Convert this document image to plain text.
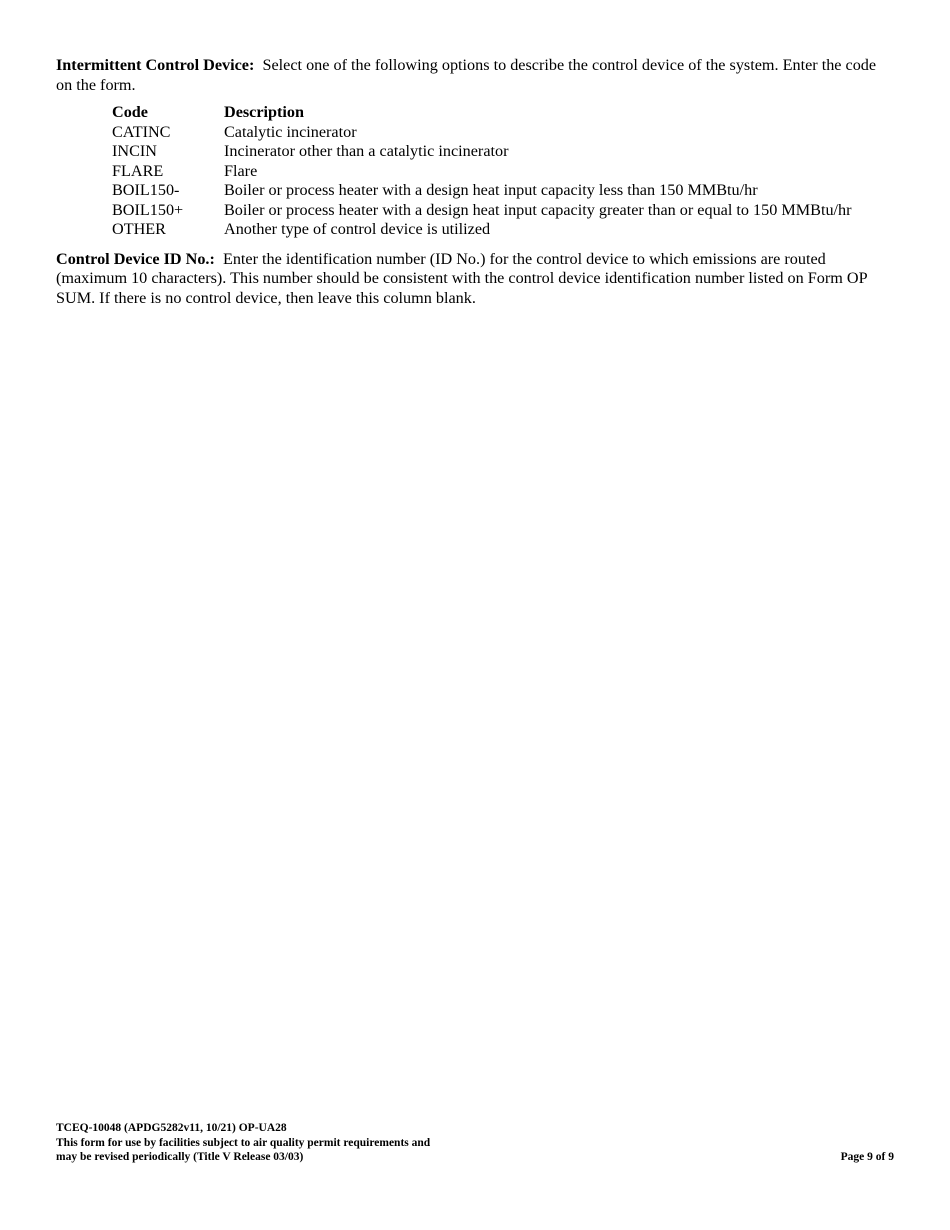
Intermittent Control Device: Select one of the following options to describe the control device of the system. Enter the code on the form.

Code	Description
CATINC	Catalytic incinerator
INCIN	Incinerator other than a catalytic incinerator
FLARE	Flare
BOIL150-	Boiler or process heater with a design heat input capacity less than 150 MMBtu/hr
BOIL150+	Boiler or process heater with a design heat input capacity greater than or equal to 150 MMBtu/hr
OTHER	Another type of control device is utilized

Control Device ID No.: Enter the identification number (ID No.) for the control device to which emissions are routed (maximum 10 characters). This number should be consistent with the control device identification number listed on Form OP SUM. If there is no control device, then leave this column blank.

TCEQ-10048 (APDG5282v11, 10/21) OP-UA28
This form for use by facilities subject to air quality permit requirements and
may be revised periodically (Title V Release 03/03)	Page 9 of 9
